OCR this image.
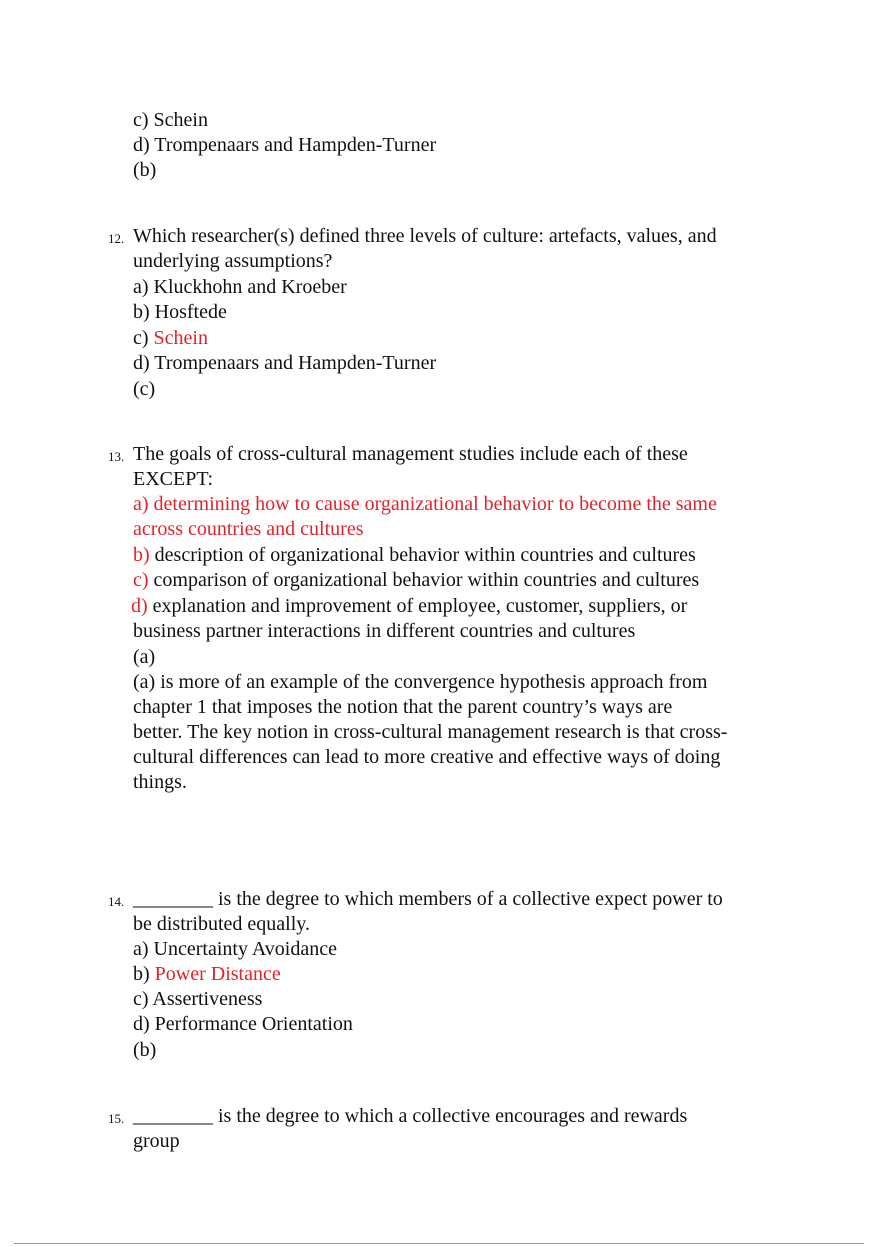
c) Schein
d) Trompenaars and Hampden-Turner
(b)
12. Which researcher(s) defined three levels of culture: artefacts, values, and
underlying assumptions?
a) Kluckhohn and Kroeber
b) Hosftede
c) Schein
d) Trompenaars and Hampden-Turner
(c)
13. The goals of cross-cultural management studies include each of these
EXCEPT:
a) determining how to cause organizational behavior to become the same
across countries and cultures
b) description of organizational behavior within countries and cultures
c) comparison of organizational behavior within countries and cultures
d) explanation and improvement of employee, customer, suppliers, or
business partner interactions in different countries and cultures
(a)
(a) is more of an example of the convergence hypothesis approach from
chapter 1 that imposes the notion that the parent country’s ways are
better. The key notion in cross-cultural management research is that cross-
cultural differences can lead to more creative and effective ways of doing
things.
14. ________ is the degree to which members of a collective expect power to
be distributed equally.
a) Uncertainty Avoidance
b) Power Distance
c) Assertiveness
d) Performance Orientation
(b)
15. ________ is the degree to which a collective encourages and rewards
group
